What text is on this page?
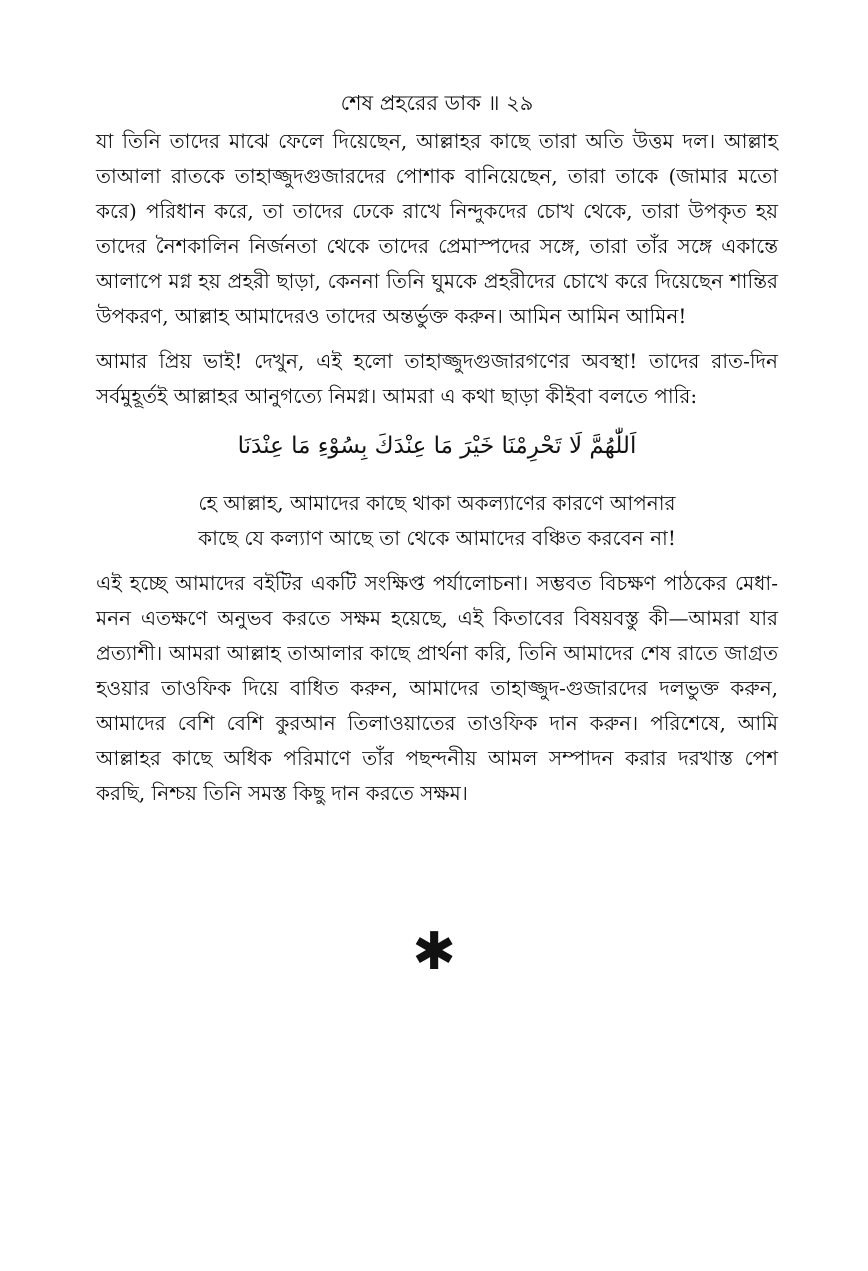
শেষ প্রহরের ডাক ॥ ২৯

যা তিনি তাদের মাঝে ফেলে দিয়েছেন, আল্লাহর কাছে তারা অতি উত্তম দল। আল্লাহ তাআলা রাতকে তাহাজ্জুদগুজারদের পোশাক বানিয়েছেন, তারা তাকে (জামার মতো করে) পরিধান করে, তা তাদের ঢেকে রাখে নিন্দুকদের চোখ থেকে, তারা উপকৃত হয় তাদের নৈশকালিন নির্জনতা থেকে তাদের প্রেমাস্পদের সঙ্গে, তারা তাঁর সঙ্গে একান্তে আলাপে মগ্ন হয় প্রহরী ছাড়া, কেননা তিনি ঘুমকে প্রহরীদের চোখে করে দিয়েছেন শান্তির উপকরণ, আল্লাহ আমাদেরও তাদের অন্তর্ভুক্ত করুন। আমিন আমিন আমিন!

আমার প্রিয় ভাই! দেখুন, এই হলো তাহাজ্জুদগুজারগণের অবস্থা! তাদের রাত-দিন সর্বমুহূর্তই আল্লাহর আনুগত্যে নিমগ্ন। আমরা এ কথা ছাড়া কীইবা বলতে পারি:

اَللّٰهُمَّ لَا تَحْرِمْنَا خَيْرَ مَا عِنْدَكَ بِسُوْءِ مَا عِنْدَنَا
হে আল্লাহ, আমাদের কাছে থাকা অকল্যাণের কারণে আপনার
কাছে যে কল্যাণ আছে তা থেকে আমাদের বঞ্চিত করবেন না!

এই হচ্ছে আমাদের বইটির একটি সংক্ষিপ্ত পর্যালোচনা। সম্ভবত বিচক্ষণ পাঠকের মেধা-মনন এতক্ষণে অনুভব করতে সক্ষম হয়েছে, এই কিতাবের বিষয়বস্তু কী—আমরা যার প্রত্যাশী। আমরা আল্লাহ তাআলার কাছে প্রার্থনা করি, তিনি আমাদের শেষ রাতে জাগ্রত হওয়ার তাওফিক দিয়ে বাধিত করুন, আমাদের তাহাজ্জুদ-গুজারদের দলভুক্ত করুন, আমাদের বেশি বেশি কুরআন তিলাওয়াতের তাওফিক দান করুন। পরিশেষে, আমি আল্লাহর কাছে অধিক পরিমাণে তাঁর পছন্দনীয় আমল সম্পাদন করার দরখাস্ত পেশ করছি, নিশ্চয় তিনি সমস্ত কিছু দান করতে সক্ষম।

✱
